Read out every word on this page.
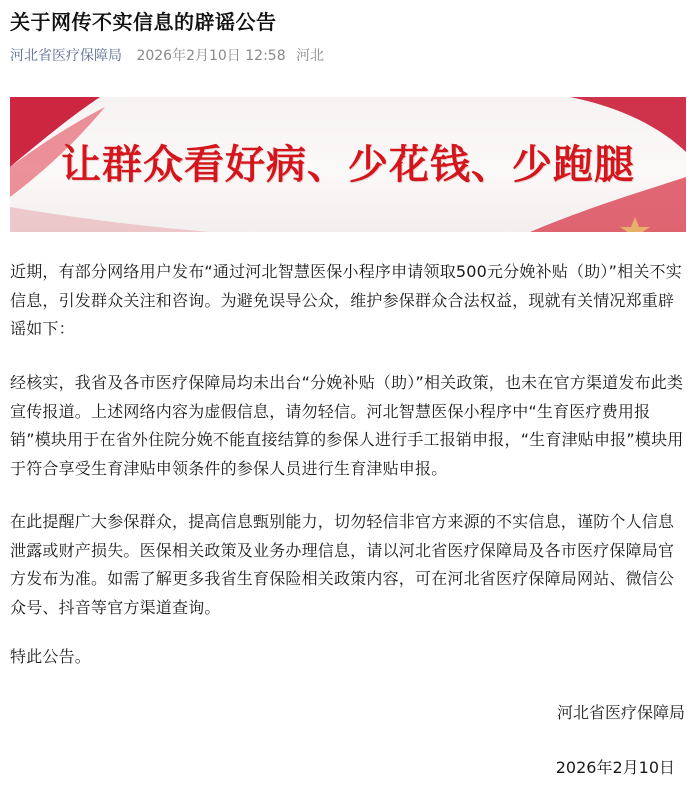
关于网传不实信息的辟谣公告
河北省医疗保障局 2026年2月10日 12:58 河北
让群众看好病、少花钱、少跑腿

近期，有部分网络用户发布“通过河北智慧医保小程序申请领取500元分娩补贴（助）”相关不实信息，引发群众关注和咨询。为避免误导公众，维护参保群众合法权益，现就有关情况郑重辟谣如下：

经核实，我省及各市医疗保障局均未出台“分娩补贴（助）”相关政策，也未在官方渠道发布此类宣传报道。上述网络内容为虚假信息，请勿轻信。河北智慧医保小程序中“生育医疗费用报销”模块用于在省外住院分娩不能直接结算的参保人进行手工报销申报，“生育津贴申报”模块用于符合享受生育津贴申领条件的参保人员进行生育津贴申报。

在此提醒广大参保群众，提高信息甄别能力，切勿轻信非官方来源的不实信息，谨防个人信息泄露或财产损失。医保相关政策及业务办理信息，请以河北省医疗保障局及各市医疗保障局官方发布为准。如需了解更多我省生育保险相关政策内容，可在河北省医疗保障局网站、微信公众号、抖音等官方渠道查询。

特此公告。

河北省医疗保障局
2026年2月10日
